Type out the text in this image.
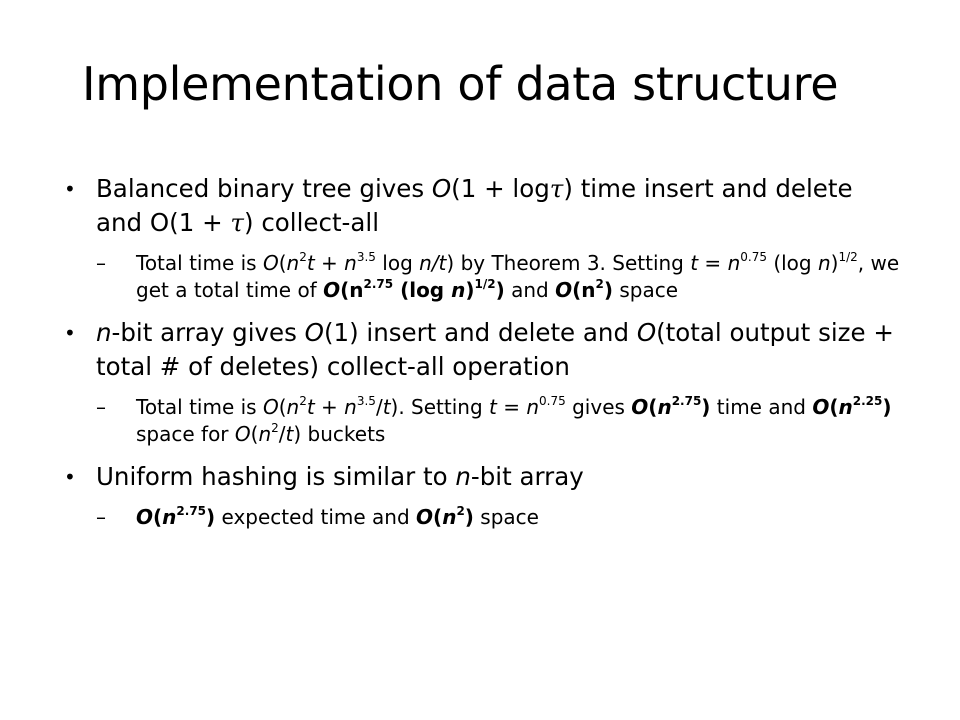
Implementation of data structure
• Balanced binary tree gives O(1 + logτ) time insert and delete and O(1 + τ) collect-all
– Total time is $O(n^2t + n^{3.5}$ log n/t) by Theorem 3. Setting $t = n^{0.75}$ (log n)$^{1/2}$, we get a total time of $O(n^{2.75}$ (log n)$^{1/2}$) and $O(n^2)$ space
• n-bit array gives O(1) insert and delete and O(total output size + total # of deletes) collect-all operation
– Total time is $O(n^2t + n^{3.5}/t)$. Setting $t = n^{0.75}$ gives $O(n^{2.75})$ time and $O(n^{2.25})$ space for $O(n^2/t)$ buckets
• Uniform hashing is similar to n-bit array
– $O(n^{2.75})$ expected time and $O(n^2)$ space
